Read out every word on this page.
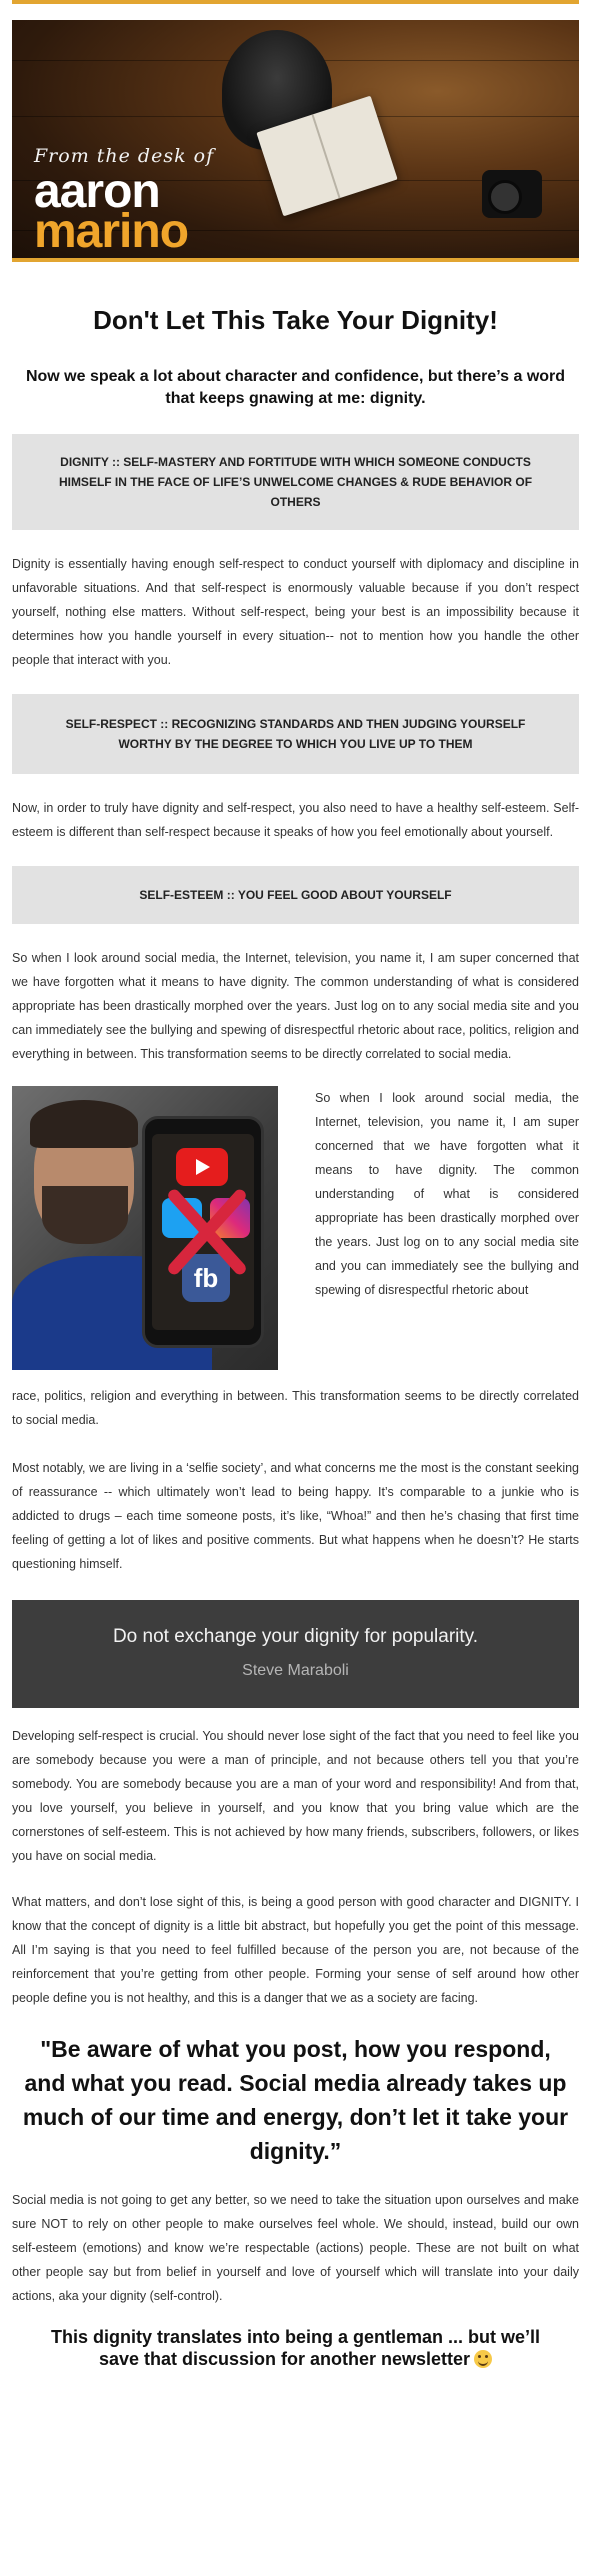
From the desk of
aaron
marino
Don't Let This Take Your Dignity!

Now we speak a lot about character and confidence, but there’s a word that keeps gnawing at me: dignity.

DIGNITY :: SELF-MASTERY AND FORTITUDE WITH WHICH SOMEONE CONDUCTS HIMSELF IN THE FACE OF LIFE’S UNWELCOME CHANGES & RUDE BEHAVIOR OF OTHERS

Dignity is essentially having enough self-respect to conduct yourself with diplomacy and discipline in unfavorable situations. And that self-respect is enormously valuable because if you don’t respect yourself, nothing else matters. Without self-respect, being your best is an impossibility because it determines how you handle yourself in every situation-- not to mention how you handle the other people that interact with you.

SELF-RESPECT :: RECOGNIZING STANDARDS AND THEN JUDGING YOURSELF WORTHY BY THE DEGREE TO WHICH YOU LIVE UP TO THEM

Now, in order to truly have dignity and self-respect, you also need to have a healthy self-esteem. Self-esteem is different than self-respect because it speaks of how you feel emotionally about yourself.

SELF-ESTEEM :: YOU FEEL GOOD ABOUT YOURSELF

So when I look around social media, the Internet, television, you name it, I am super concerned that we have forgotten what it means to have dignity. The common understanding of what is considered appropriate has been drastically morphed over the years. Just log on to any social media site and you can immediately see the bullying and spewing of disrespectful rhetoric about race, politics, religion and everything in between. This transformation seems to be directly correlated to social media.

fb

So when I look around social media, the Internet, television, you name it, I am super concerned that we have forgotten what it means to have dignity. The common understanding of what is considered appropriate has been drastically morphed over the years. Just log on to any social media site and you can immediately see the bullying and spewing of disrespectful rhetoric about

race, politics, religion and everything in between. This transformation seems to be directly correlated to social media.

Most notably, we are living in a ‘selfie society’, and what concerns me the most is the constant seeking of reassurance -- which ultimately won’t lead to being happy. It’s comparable to a junkie who is addicted to drugs – each time someone posts, it’s like, “Whoa!” and then he’s chasing that first time feeling of getting a lot of likes and positive comments. But what happens when he doesn’t? He starts questioning himself.

Do not exchange your dignity for popularity.
Steve Maraboli

Developing self-respect is crucial. You should never lose sight of the fact that you need to feel like you are somebody because you were a man of principle, and not because others tell you that you’re somebody. You are somebody because you are a man of your word and responsibility! And from that, you love yourself, you believe in yourself, and you know that you bring value which are the cornerstones of self-esteem. This is not achieved by how many friends, subscribers, followers, or likes you have on social media.

What matters, and don’t lose sight of this, is being a good person with good character and DIGNITY. I know that the concept of dignity is a little bit abstract, but hopefully you get the point of this message. All I’m saying is that you need to feel fulfilled because of the person you are, not because of the reinforcement that you’re getting from other people. Forming your sense of self around how other people define you is not healthy, and this is a danger that we as a society are facing.

"Be aware of what you post, how you respond, and what you read. Social media already takes up much of our time and energy, don’t let it take your dignity.”

Social media is not going to get any better, so we need to take the situation upon ourselves and make sure NOT to rely on other people to make ourselves feel whole. We should, instead, build our own self-esteem (emotions) and know we’re respectable (actions) people. These are not built on what other people say but from belief in yourself and love of yourself which will translate into your daily actions, aka your dignity (self-control).

This dignity translates into being a gentleman ... but we’ll save that discussion for another newsletter
